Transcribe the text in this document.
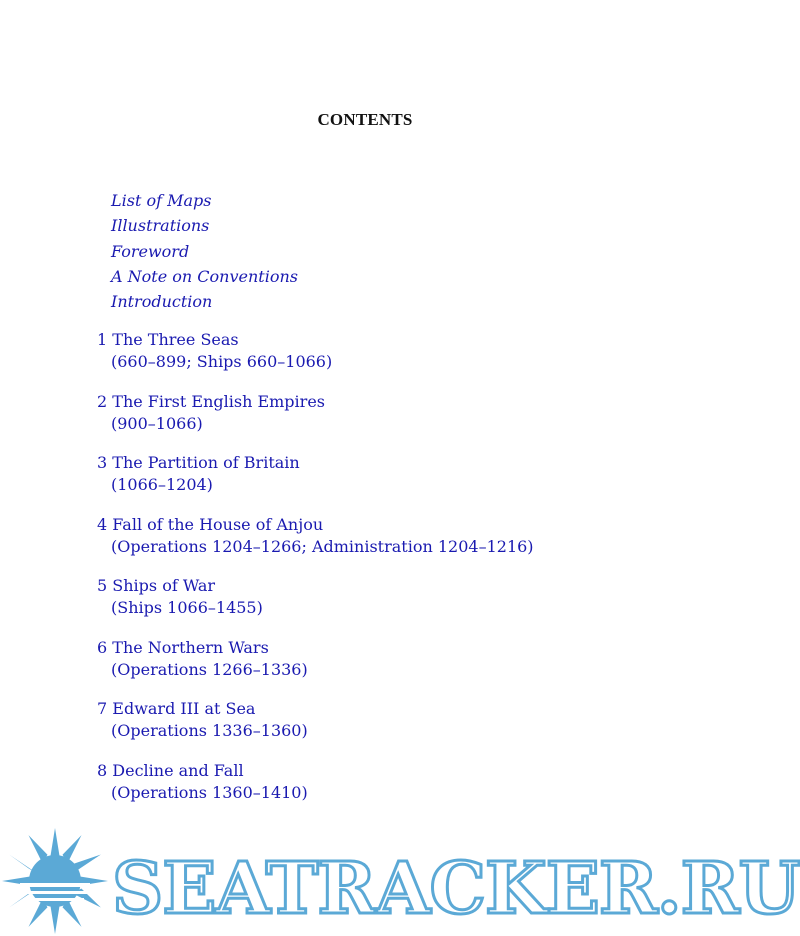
CONTENTS
List of Maps
Illustrations
Foreword
A Note on Conventions
Introduction
1 The Three Seas
(660–899; Ships 660–1066)
2 The First English Empires
(900–1066)
3 The Partition of Britain
(1066–1204)
4 Fall of the House of Anjou
(Operations 1204–1266; Administration 1204–1216)
5 Ships of War
(Ships 1066–1455)
6 The Northern Wars
(Operations 1266–1336)
7 Edward III at Sea
(Operations 1336–1360)
8 Decline and Fall
(Operations 1360–1410)
SEATRACKER.RU
